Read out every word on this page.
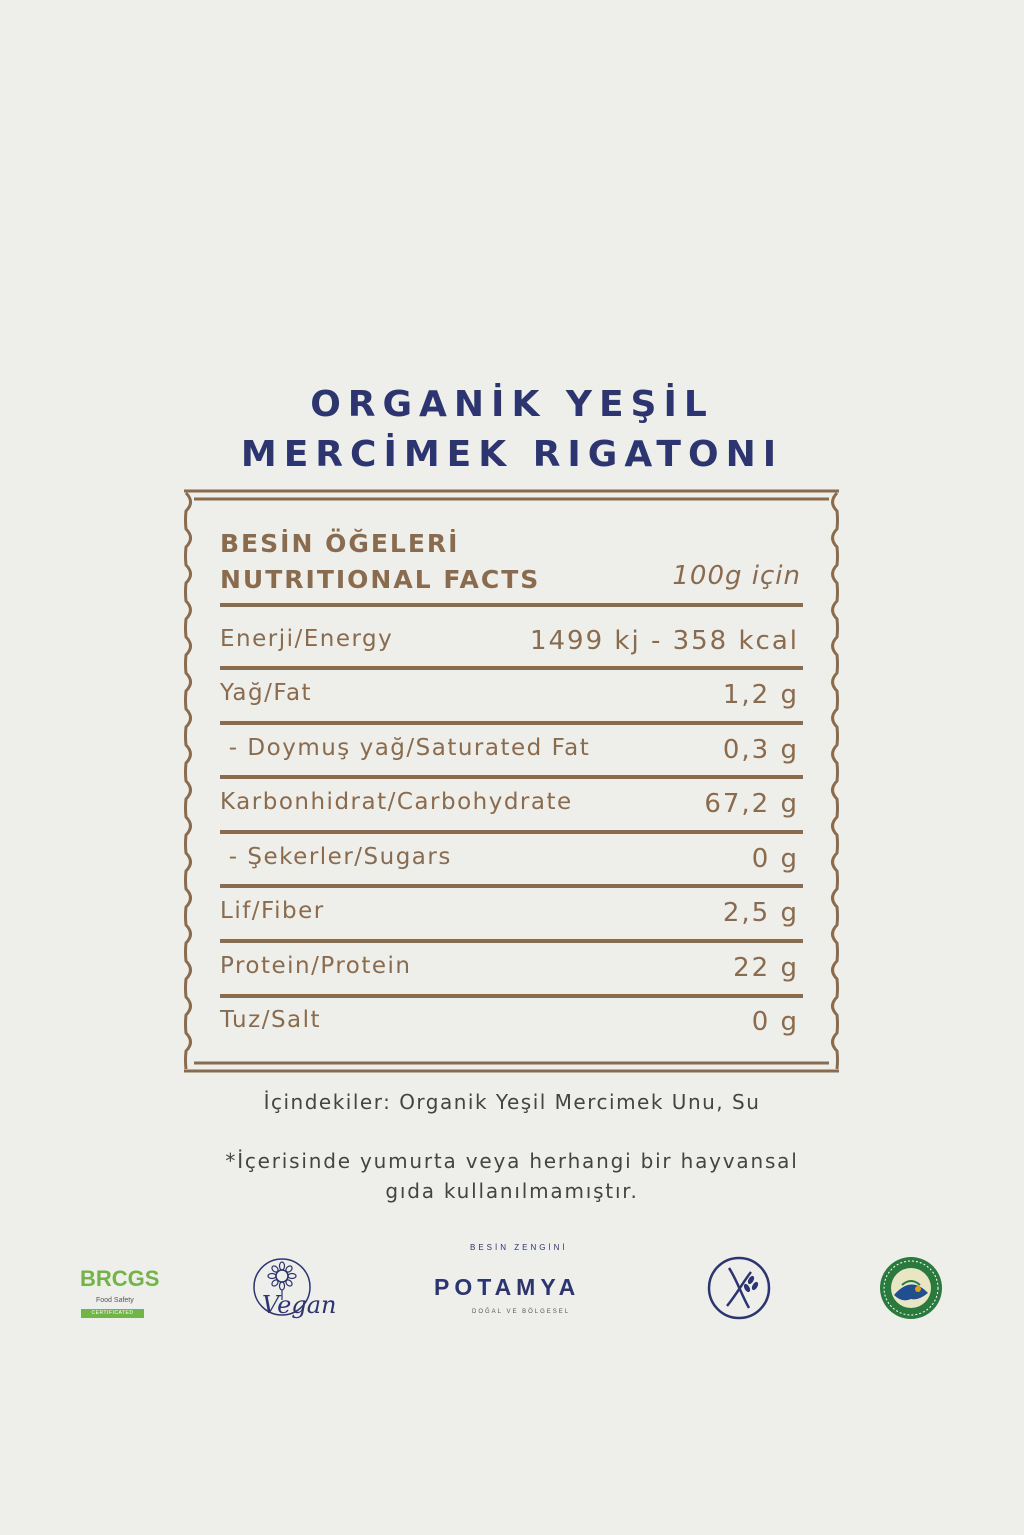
ORGANİK YEŞİL
MERCİMEK RIGATONI
BESİN ÖĞELERİ
NUTRITIONAL FACTS	100g için
Enerji/Energy	1499 kj - 358 kcal
Yağ/Fat	1,2 g
- Doymuş yağ/Saturated Fat	0,3 g
Karbonhidrat/Carbohydrate	67,2 g
- Şekerler/Sugars	0 g
Lif/Fiber	2,5 g
Protein/Protein	22 g
Tuz/Salt	0 g
İçindekiler: Organik Yeşil Mercimek Unu, Su
*İçerisinde yumurta veya herhangi bir hayvansal
gıda kullanılmamıştır.
BRCGS
Food Safety
CERTIFICATED	Vegan
BESİN ZENGİNİ
POTAMYA
DOĞAL VE BÖLGESEL
